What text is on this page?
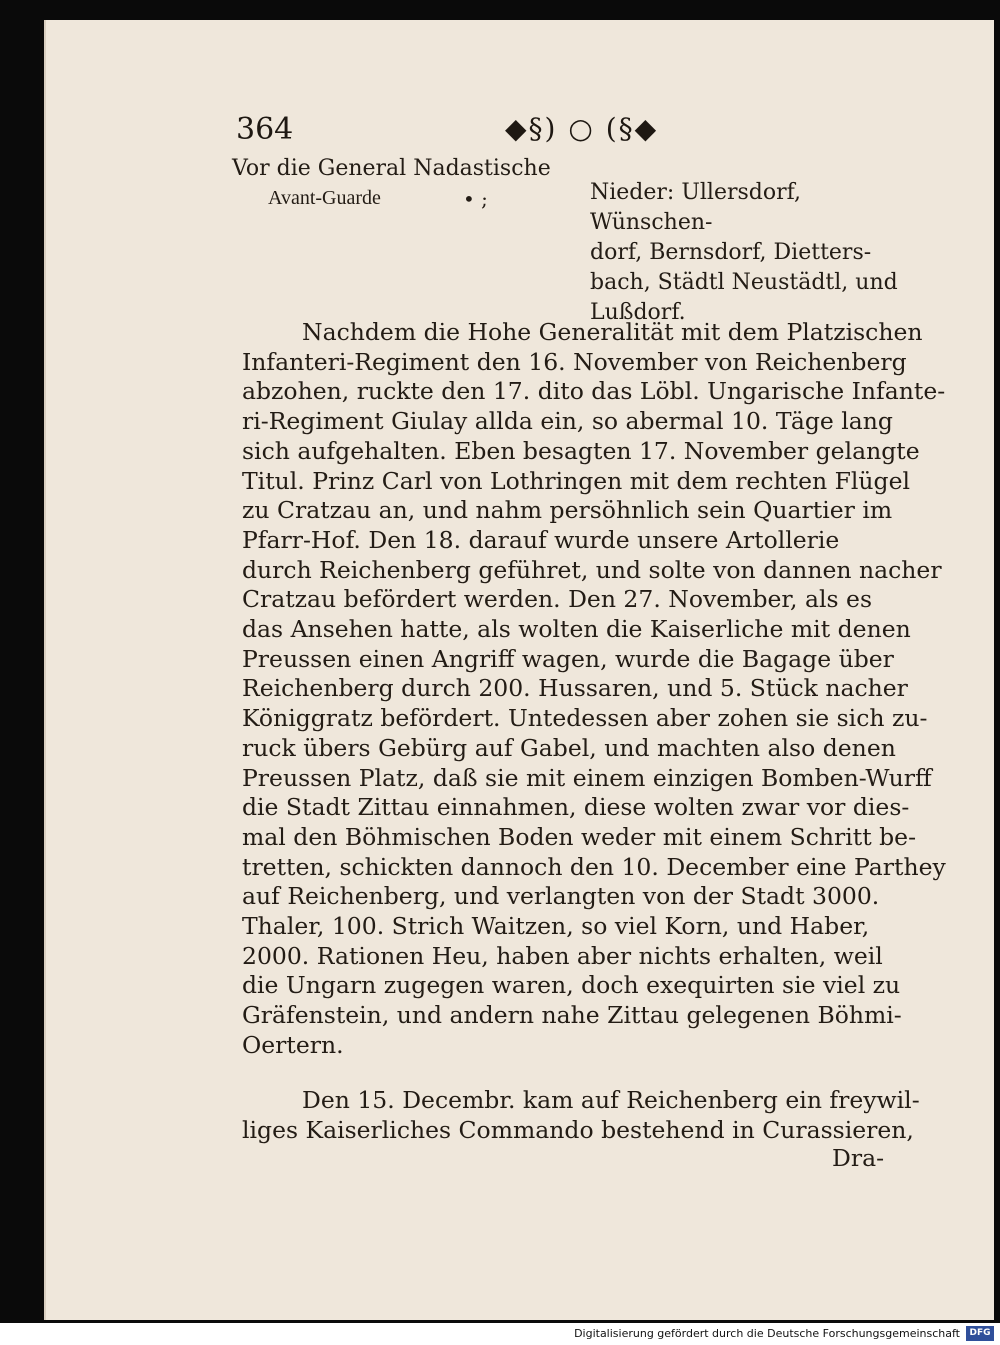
364	◆§) ○ (§◆
Vor die General Nadastische
Avant-Guarde	• ;	Nieder: Ullersdorf, Wünschen-
dorf, Bernsdorf, Dietters-
bach, Städtl Neustädtl, und
Lußdorf.
Nachdem die Hohe Generalität mit dem Platzischen
Infanteri-Regiment den 16. November von Reichenberg
abzohen, ruckte den 17. dito das Löbl. Ungarische Infante-
ri-Regiment Giulay allda ein, so abermal 10. Täge lang
sich aufgehalten. Eben besagten 17. November gelangte
Titul. Prinz Carl von Lothringen mit dem rechten Flügel
zu Cratzau an, und nahm persöhnlich sein Quartier im
Pfarr-Hof. Den 18. darauf wurde unsere Artollerie
durch Reichenberg geführet, und solte von dannen nacher
Cratzau befördert werden. Den 27. November, als es
das Ansehen hatte, als wolten die Kaiserliche mit denen
Preussen einen Angriff wagen, wurde die Bagage über
Reichenberg durch 200. Hussaren, und 5. Stück nacher
Königgratz befördert. Untedessen aber zohen sie sich zu-
ruck übers Gebürg auf Gabel, und machten also denen
Preussen Platz, daß sie mit einem einzigen Bomben-Wurff
die Stadt Zittau einnahmen, diese wolten zwar vor dies-
mal den Böhmischen Boden weder mit einem Schritt be-
tretten, schickten dannoch den 10. December eine Parthey
auf Reichenberg, und verlangten von der Stadt 3000.
Thaler, 100. Strich Waitzen, so viel Korn, und Haber,
2000. Rationen Heu, haben aber nichts erhalten, weil
die Ungarn zugegen waren, doch exequirten sie viel zu
Gräfenstein, und andern nahe Zittau gelegenen Böhmi-
Oertern.
Den 15. Decembr. kam auf Reichenberg ein freywil-
liges Kaiserliches Commando bestehend in Curassieren,
Dra-
Digitalisierung gefördert durch die Deutsche Forschungsgemeinschaft	DFG
